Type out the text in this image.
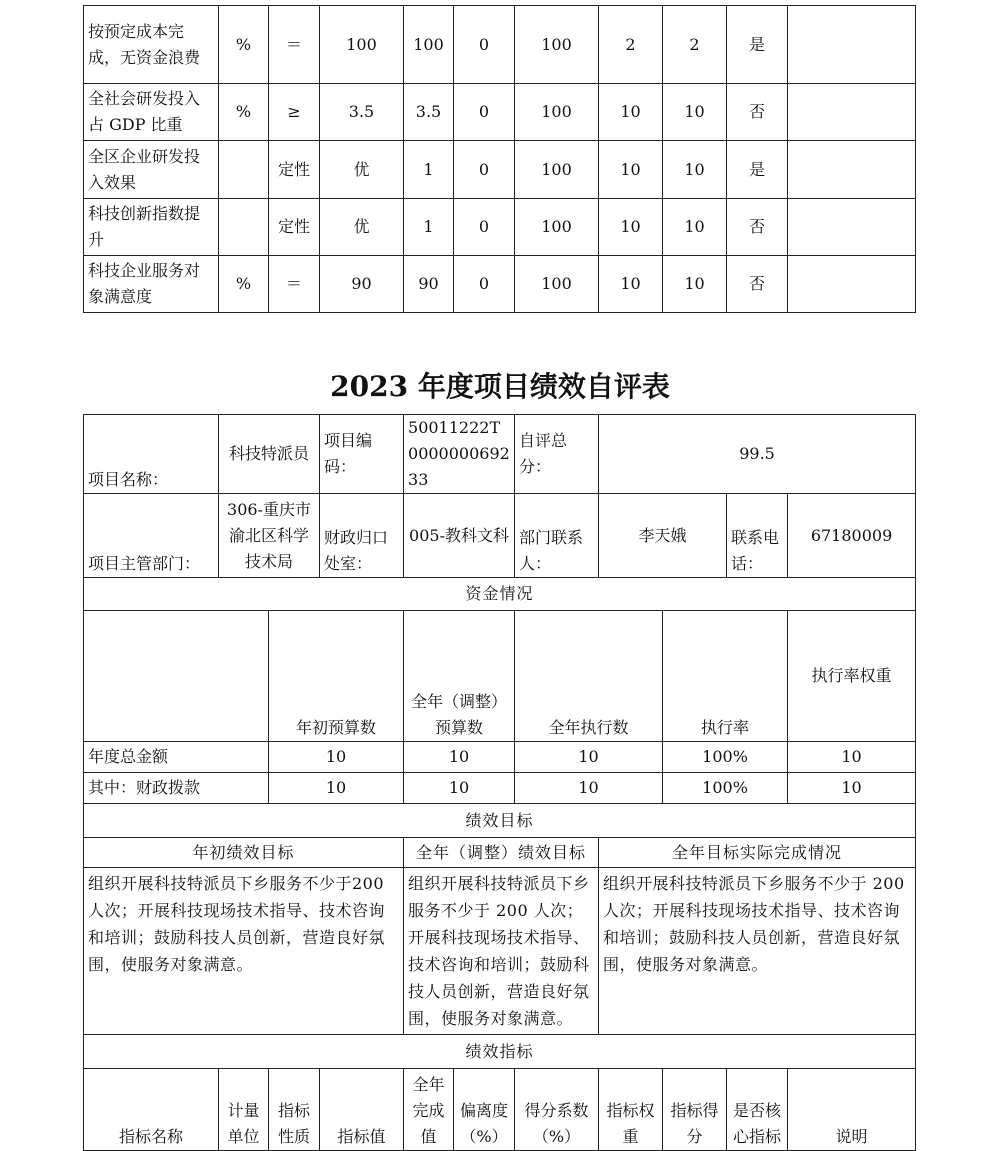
按预定成本完成，无资金浪费	%	＝	100	100	0	100	2	2	是	
全社会研发投入占 GDP 比重	%	≥	3.5	3.5	0	100	10	10	否	
全区企业研发投入效果		定性	优	1	0	100	10	10	是	
科技创新指数提升		定性	优	1	0	100	10	10	否	
科技企业服务对象满意度	%	＝	90	90	0	100	10	10	否	
2023 年度项目绩效自评表
项目名称：	科技特派员		项目编码：	50011222T000000069233		自评总分：	99.5				
项目主管部门：	306-重庆市渝北区科学技术局		财政归口处室：	005-教科文科		部门联系人：	李天娥		联系电话：	67180009	
资金情况											
		年初预算数		全年（调整）预算数		全年执行数		执行率		执行率权重	
年度总金额		10		10		10		100%		10	
其中：财政拨款		10		10		10		100%		10	
绩效目标											
年初绩效目标				全年（调整）绩效目标			全年目标实际完成情况				
组织开展科技特派员下乡服务不少于200 人次；开展科技现场技术指导、技术咨询和培训；鼓励科技人员创新，营造良好氛围，使服务对象满意。				组织开展科技特派员下乡服务不少于 200 人次；开展科技现场技术指导、技术咨询和培训；鼓励科技人员创新，营造良好氛围，使服务对象满意。			组织开展科技特派员下乡服务不少于 200 人次；开展科技现场技术指导、技术咨询和培训；鼓励科技人员创新，营造良好氛围，使服务对象满意。				
绩效指标											
指标名称	计量单位	指标性质	指标值	全年完成值	偏离度（%）	得分系数（%）	指标权重	指标得分	是否核心指标	说明	
